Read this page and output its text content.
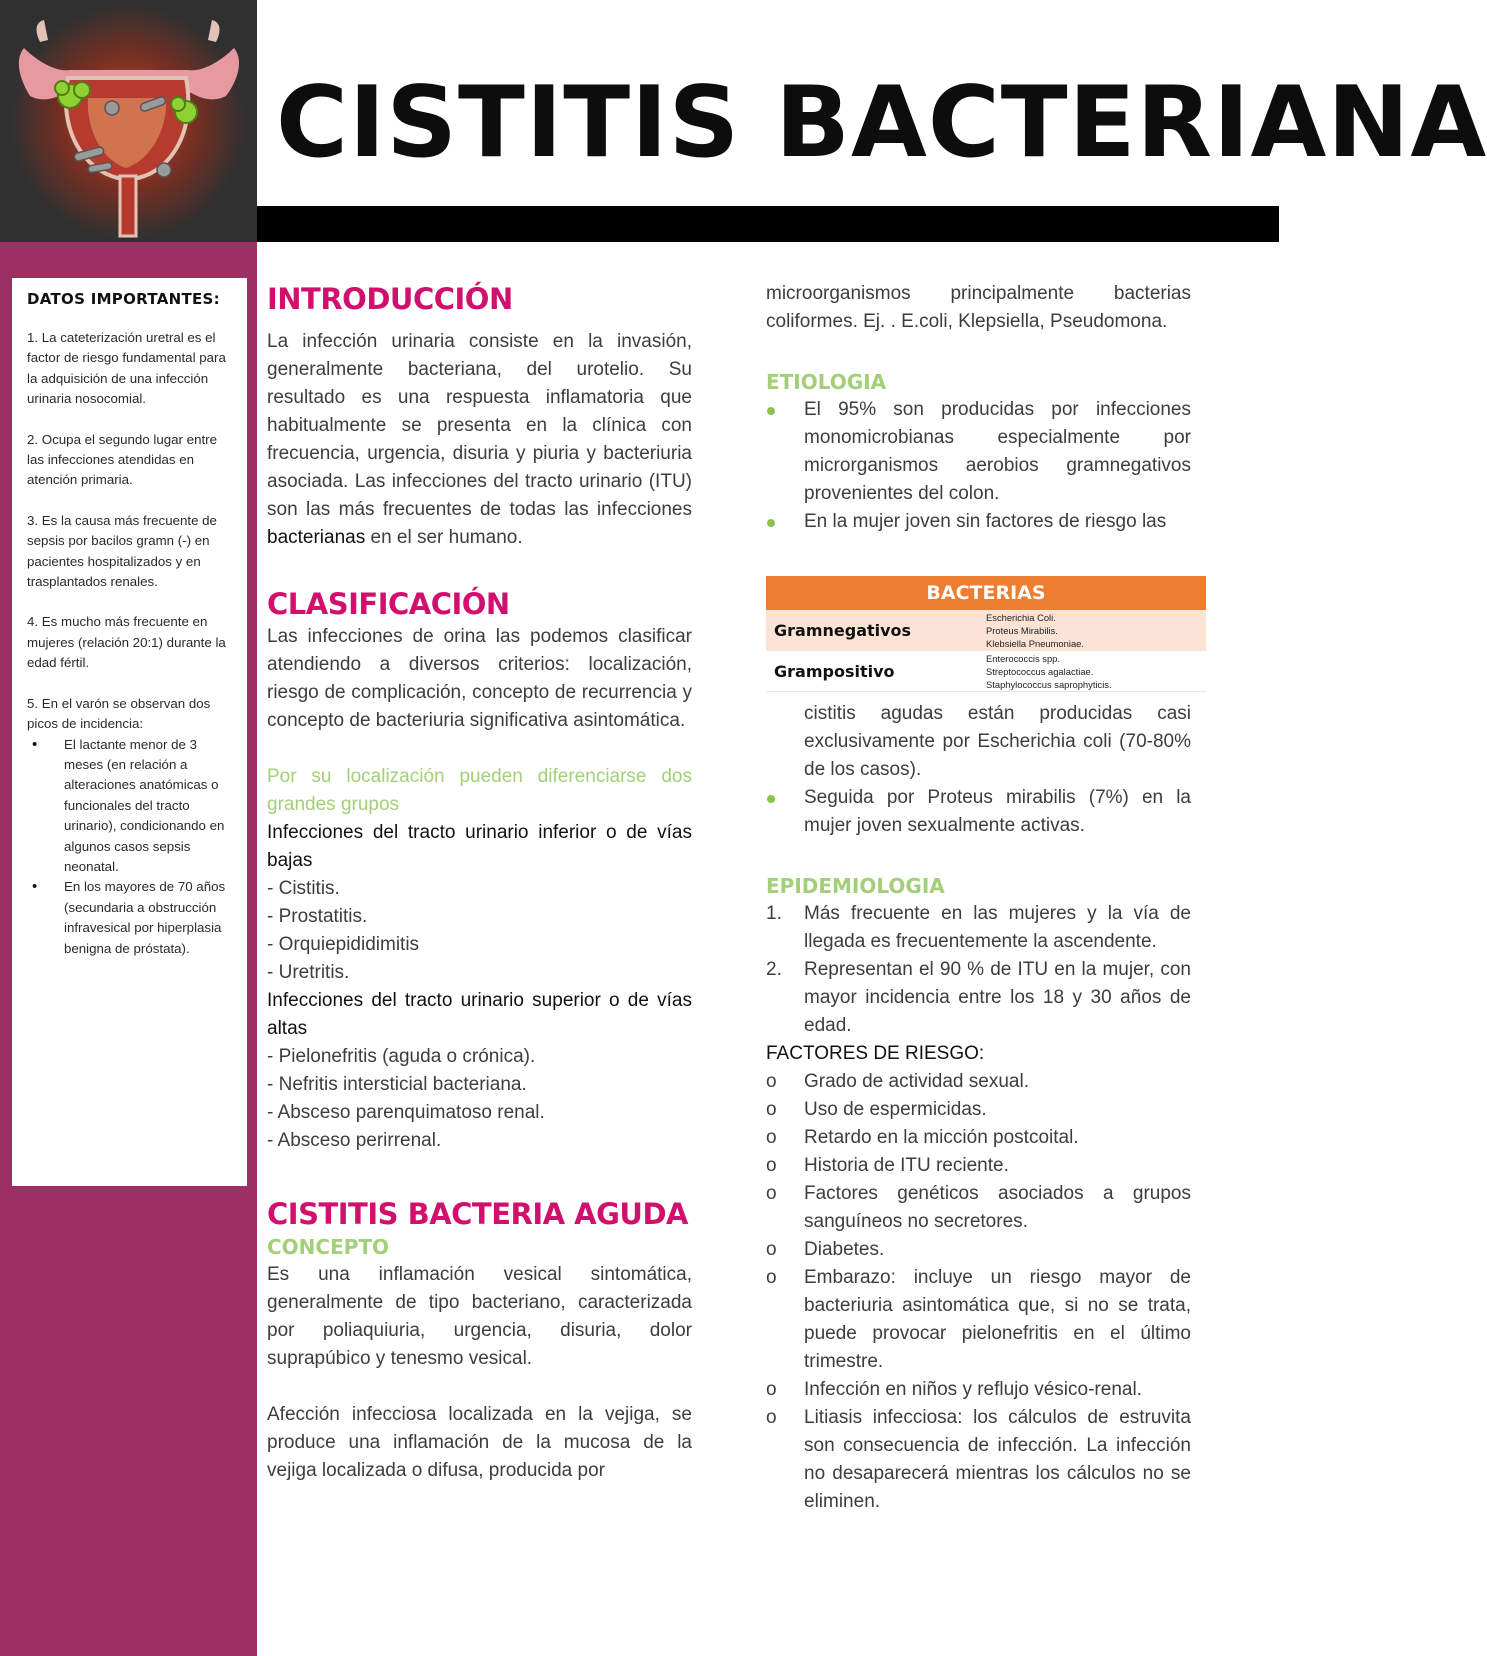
CISTITIS BACTERIANA
DATOS IMPORTANTES:

1. La cateterización uretral es el factor de riesgo fundamental para la adquisición de una infección urinaria nosocomial.

2. Ocupa el segundo lugar entre las infecciones atendidas en atención primaria.

3. Es la causa más frecuente de sepsis por bacilos gramn (-) en pacientes hospitalizados y en trasplantados renales.

4. Es mucho más frecuente en mujeres (relación 20:1) durante la edad fértil.

5. En el varón se observan dos picos de incidencia:

• El lactante menor de 3 meses (en relación a alteraciones anatómicas o funcionales del tracto urinario), condicionando en algunos casos sepsis neonatal.
• En los mayores de 70 años (secundaria a obstrucción infravesical por hiperplasia benigna de próstata).
INTRODUCCIÓN
La infección urinaria consiste en la invasión, generalmente bacteriana, del urotelio. Su resultado es una respuesta inflamatoria que habitualmente se presenta en la clínica con frecuencia, urgencia, disuria y piuria y bacteriuria asociada. Las infecciones del tracto urinario (ITU) son las más frecuentes de todas las infecciones bacterianas en el ser humano.
CLASIFICACIÓN
Las infecciones de orina las podemos clasificar atendiendo a diversos criterios: localización, riesgo de complicación, concepto de recurrencia y concepto de bacteriuria significativa asintomática.
Por su localización pueden diferenciarse dos grandes grupos
Infecciones del tracto urinario inferior o de vías bajas
- Cistitis.
- Prostatitis.
- Orquiepididimitis
- Uretritis.
Infecciones del tracto urinario superior o de vías altas
- Pielonefritis (aguda o crónica).
- Nefritis intersticial bacteriana.
- Absceso parenquimatoso renal.
- Absceso perirrenal.
CISTITIS BACTERIA AGUDA
CONCEPTO
Es una inflamación vesical sintomática, generalmente de tipo bacteriano, caracterizada por poliaquiuria, urgencia, disuria, dolor suprapúbico y tenesmo vesical.
Afección infecciosa localizada en la vejiga, se produce una inflamación de la mucosa de la vejiga localizada o difusa, producida por
microorganismos principalmente bacterias coliformes. Ej. . E.coli, Klepsiella, Pseudomona.
ETIOLOGIA
El 95% son producidas por infecciones monomicrobianas especialmente por microrganismos aerobios gramnegativos provenientes del colon.
En la mujer joven sin factores de riesgo las
cistitis agudas están producidas casi exclusivamente por Escherichia coli (70-80% de los casos).
Seguida por Proteus mirabilis (7%) en la mujer joven sexualmente activas.
EPIDEMIOLOGIA
1.	Más frecuente en las mujeres y la vía de llegada es frecuentemente la ascendente.
2.	Representan el 90 % de ITU en la mujer, con mayor incidencia entre los 18 y 30 años de edad.
FACTORES DE RIESGO:
o	Grado de actividad sexual.
o	Uso de espermicidas.
o	Retardo en la micción postcoital.
o	Historia de ITU reciente.
o	Factores genéticos asociados a grupos sanguíneos no secretores.
o	Diabetes.
o	Embarazo: incluye un riesgo mayor de bacteriuria asintomática que, si no se trata, puede provocar pielonefritis en el último trimestre.
o	Infección en niños y reflujo vésico-renal.
o	Litiasis infecciosa: los cálculos de estruvita son consecuencia de infección. La infección no desaparecerá mientras los cálculos no se eliminen.
BACTERIAS
Gramnegativos
Escherichia Coli.
Proteus Mirabilis.
Klebsiella Pneumoniae.
Grampositivo
Enterococcis spp.
Streptococcus agalactiae.
Staphylococcus saprophyticis.
